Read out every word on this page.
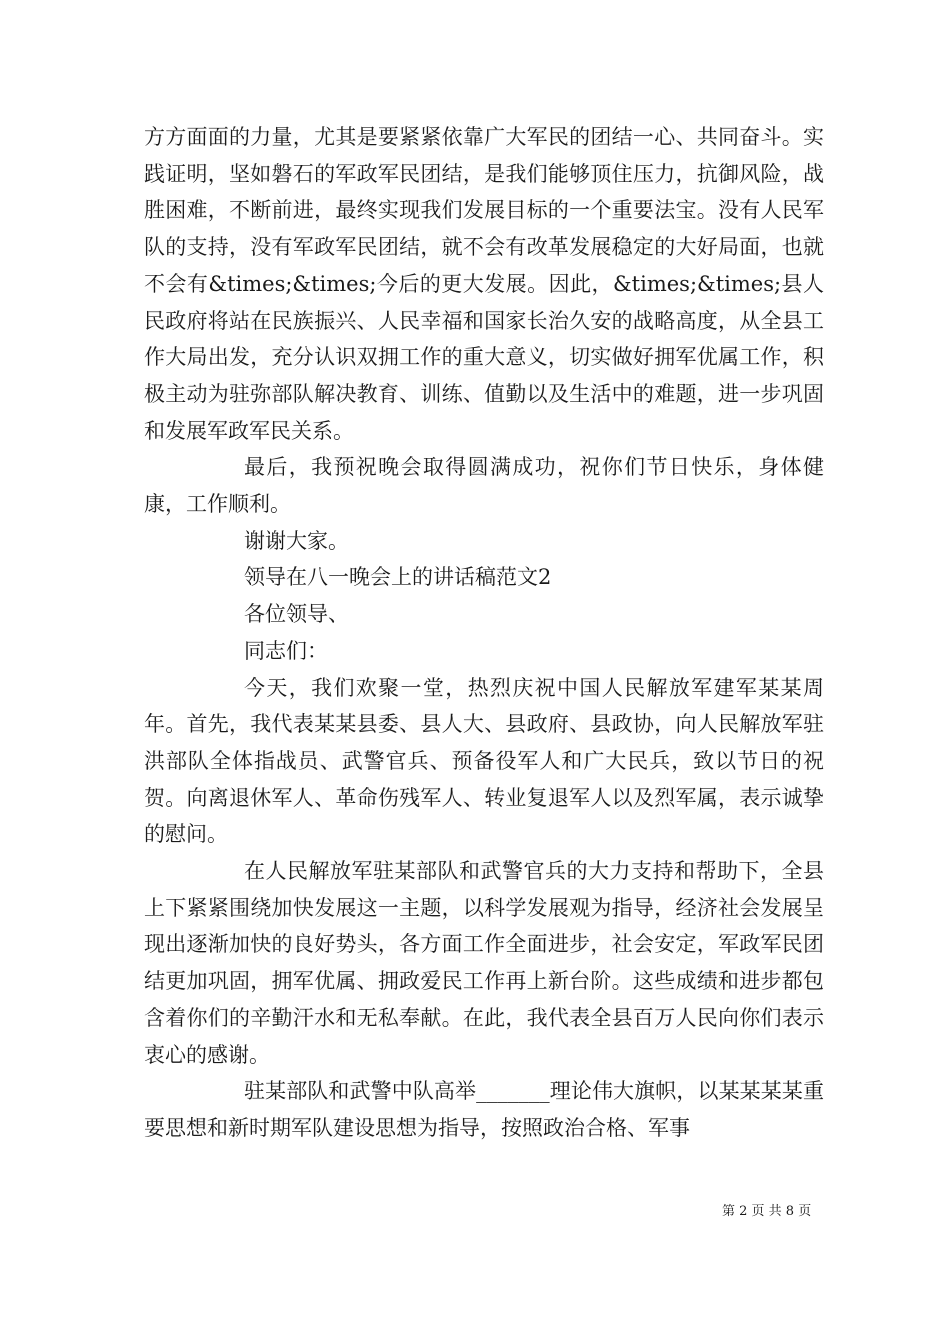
方方面面的力量，尤其是要紧紧依靠广大军民的团结一心、共同奋斗。实践证明，坚如磐石的军政军民团结，是我们能够顶住压力，抗御风险，战胜困难，不断前进，最终实现我们发展目标的一个重要法宝。没有人民军队的支持，没有军政军民团结，就不会有改革发展稳定的大好局面，也就不会有&times;&times;今后的更大发展。因此，&times;&times;县人民政府将站在民族振兴、人民幸福和国家长治久安的战略高度，从全县工作大局出发，充分认识双拥工作的重大意义，切实做好拥军优属工作，积极主动为驻弥部队解决教育、训练、值勤以及生活中的难题，进一步巩固和发展军政军民关系。

最后，我预祝晚会取得圆满成功，祝你们节日快乐，身体健康，工作顺利。

谢谢大家。

领导在八一晚会上的讲话稿范文2

各位领导、

同志们：

今天，我们欢聚一堂，热烈庆祝中国人民解放军建军某某周年。首先，我代表某某县委、县人大、县政府、县政协，向人民解放军驻洪部队全体指战员、武警官兵、预备役军人和广大民兵，致以节日的祝贺。向离退休军人、革命伤残军人、转业复退军人以及烈军属，表示诚挚的慰问。

在人民解放军驻某部队和武警官兵的大力支持和帮助下，全县上下紧紧围绕加快发展这一主题，以科学发展观为指导，经济社会发展呈现出逐渐加快的良好势头，各方面工作全面进步，社会安定，军政军民团结更加巩固，拥军优属、拥政爱民工作再上新台阶。这些成绩和进步都包含着你们的辛勤汗水和无私奉献。在此，我代表全县百万人民向你们表示衷心的感谢。

驻某部队和武警中队高举_______理论伟大旗帜，以某某某某重要思想和新时期军队建设思想为指导，按照政治合格、军事

第 2 页 共 8 页
